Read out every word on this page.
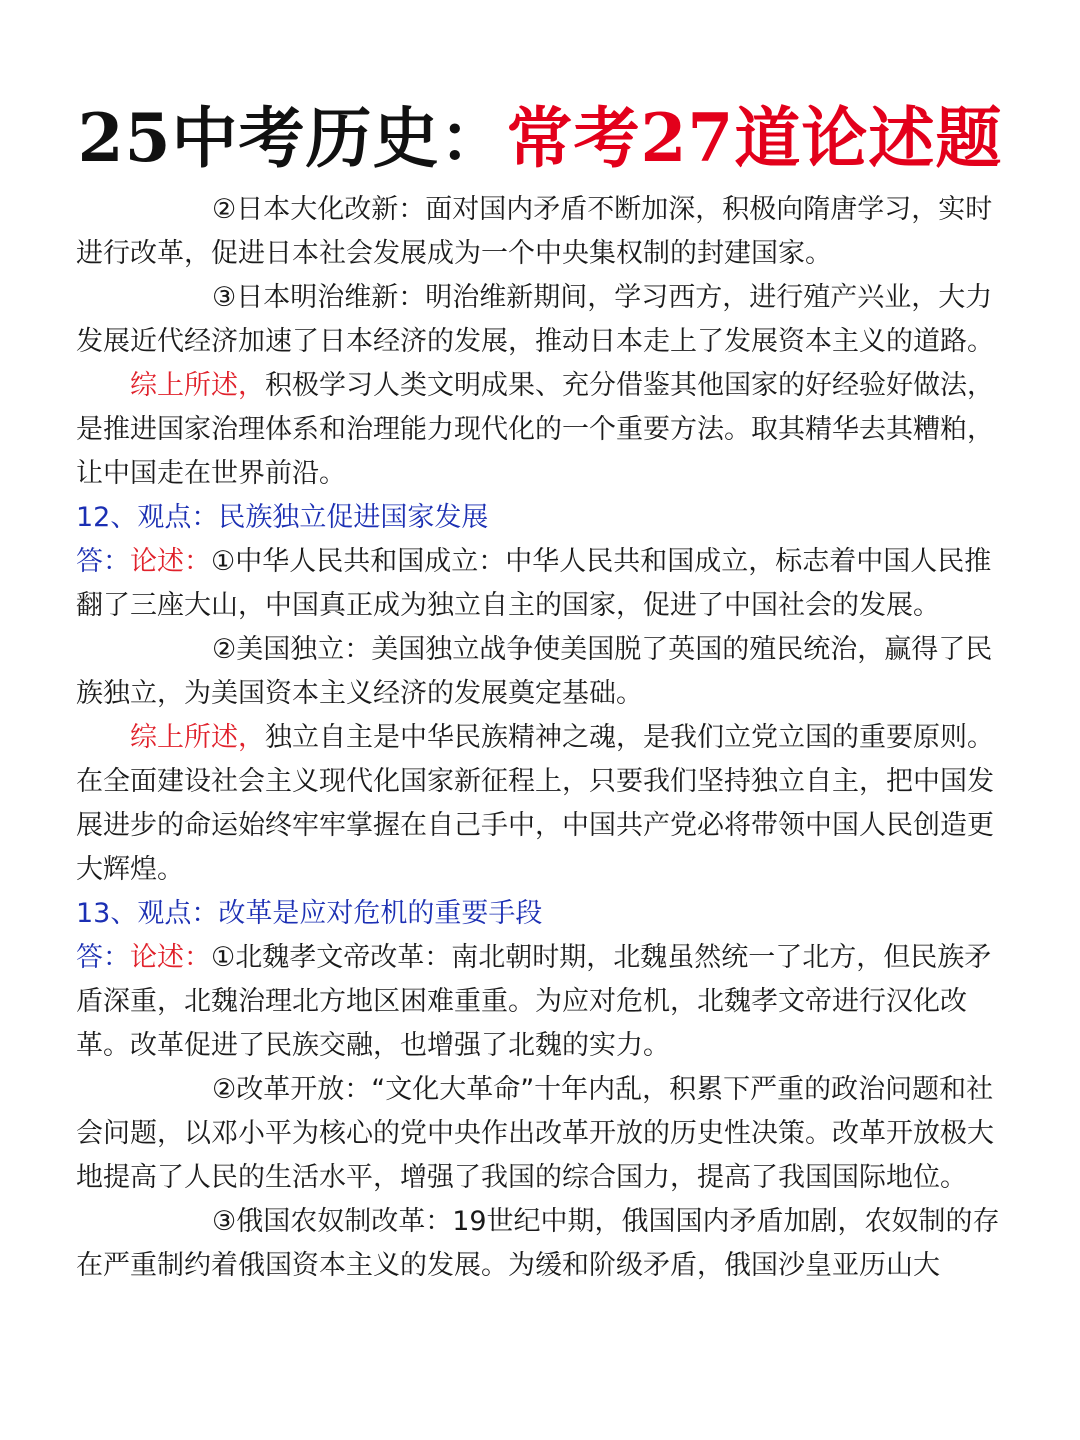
25中考历史：常考27道论述题

②日本大化改新：面对国内矛盾不断加深，积极向隋唐学习，实时进行改革，促进日本社会发展成为一个中央集权制的封建国家。

③日本明治维新：明治维新期间，学习西方，进行殖产兴业，大力发展近代经济加速了日本经济的发展，推动日本走上了发展资本主义的道路。

综上所述，积极学习人类文明成果、充分借鉴其他国家的好经验好做法，是推进国家治理体系和治理能力现代化的一个重要方法。取其精华去其糟粕，让中国走在世界前沿。

12、观点：民族独立促进国家发展

答：论述：①中华人民共和国成立：中华人民共和国成立，标志着中国人民推翻了三座大山，中国真正成为独立自主的国家，促进了中国社会的发展。

②美国独立：美国独立战争使美国脱了英国的殖民统治，赢得了民族独立，为美国资本主义经济的发展奠定基础。

综上所述，独立自主是中华民族精神之魂，是我们立党立国的重要原则。在全面建设社会主义现代化国家新征程上，只要我们坚持独立自主，把中国发展进步的命运始终牢牢掌握在自己手中，中国共产党必将带领中国人民创造更大辉煌。

13、观点：改革是应对危机的重要手段

答：论述：①北魏孝文帝改革：南北朝时期，北魏虽然统一了北方，但民族矛盾深重，北魏治理北方地区困难重重。为应对危机，北魏孝文帝进行汉化改革。改革促进了民族交融，也增强了北魏的实力。

②改革开放：“文化大革命”十年内乱，积累下严重的政治问题和社会问题，以邓小平为核心的党中央作出改革开放的历史性决策。改革开放极大地提高了人民的生活水平，增强了我国的综合国力，提高了我国国际地位。

③俄国农奴制改革：19世纪中期，俄国国内矛盾加剧，农奴制的存在严重制约着俄国资本主义的发展。为缓和阶级矛盾，俄国沙皇亚历山大
